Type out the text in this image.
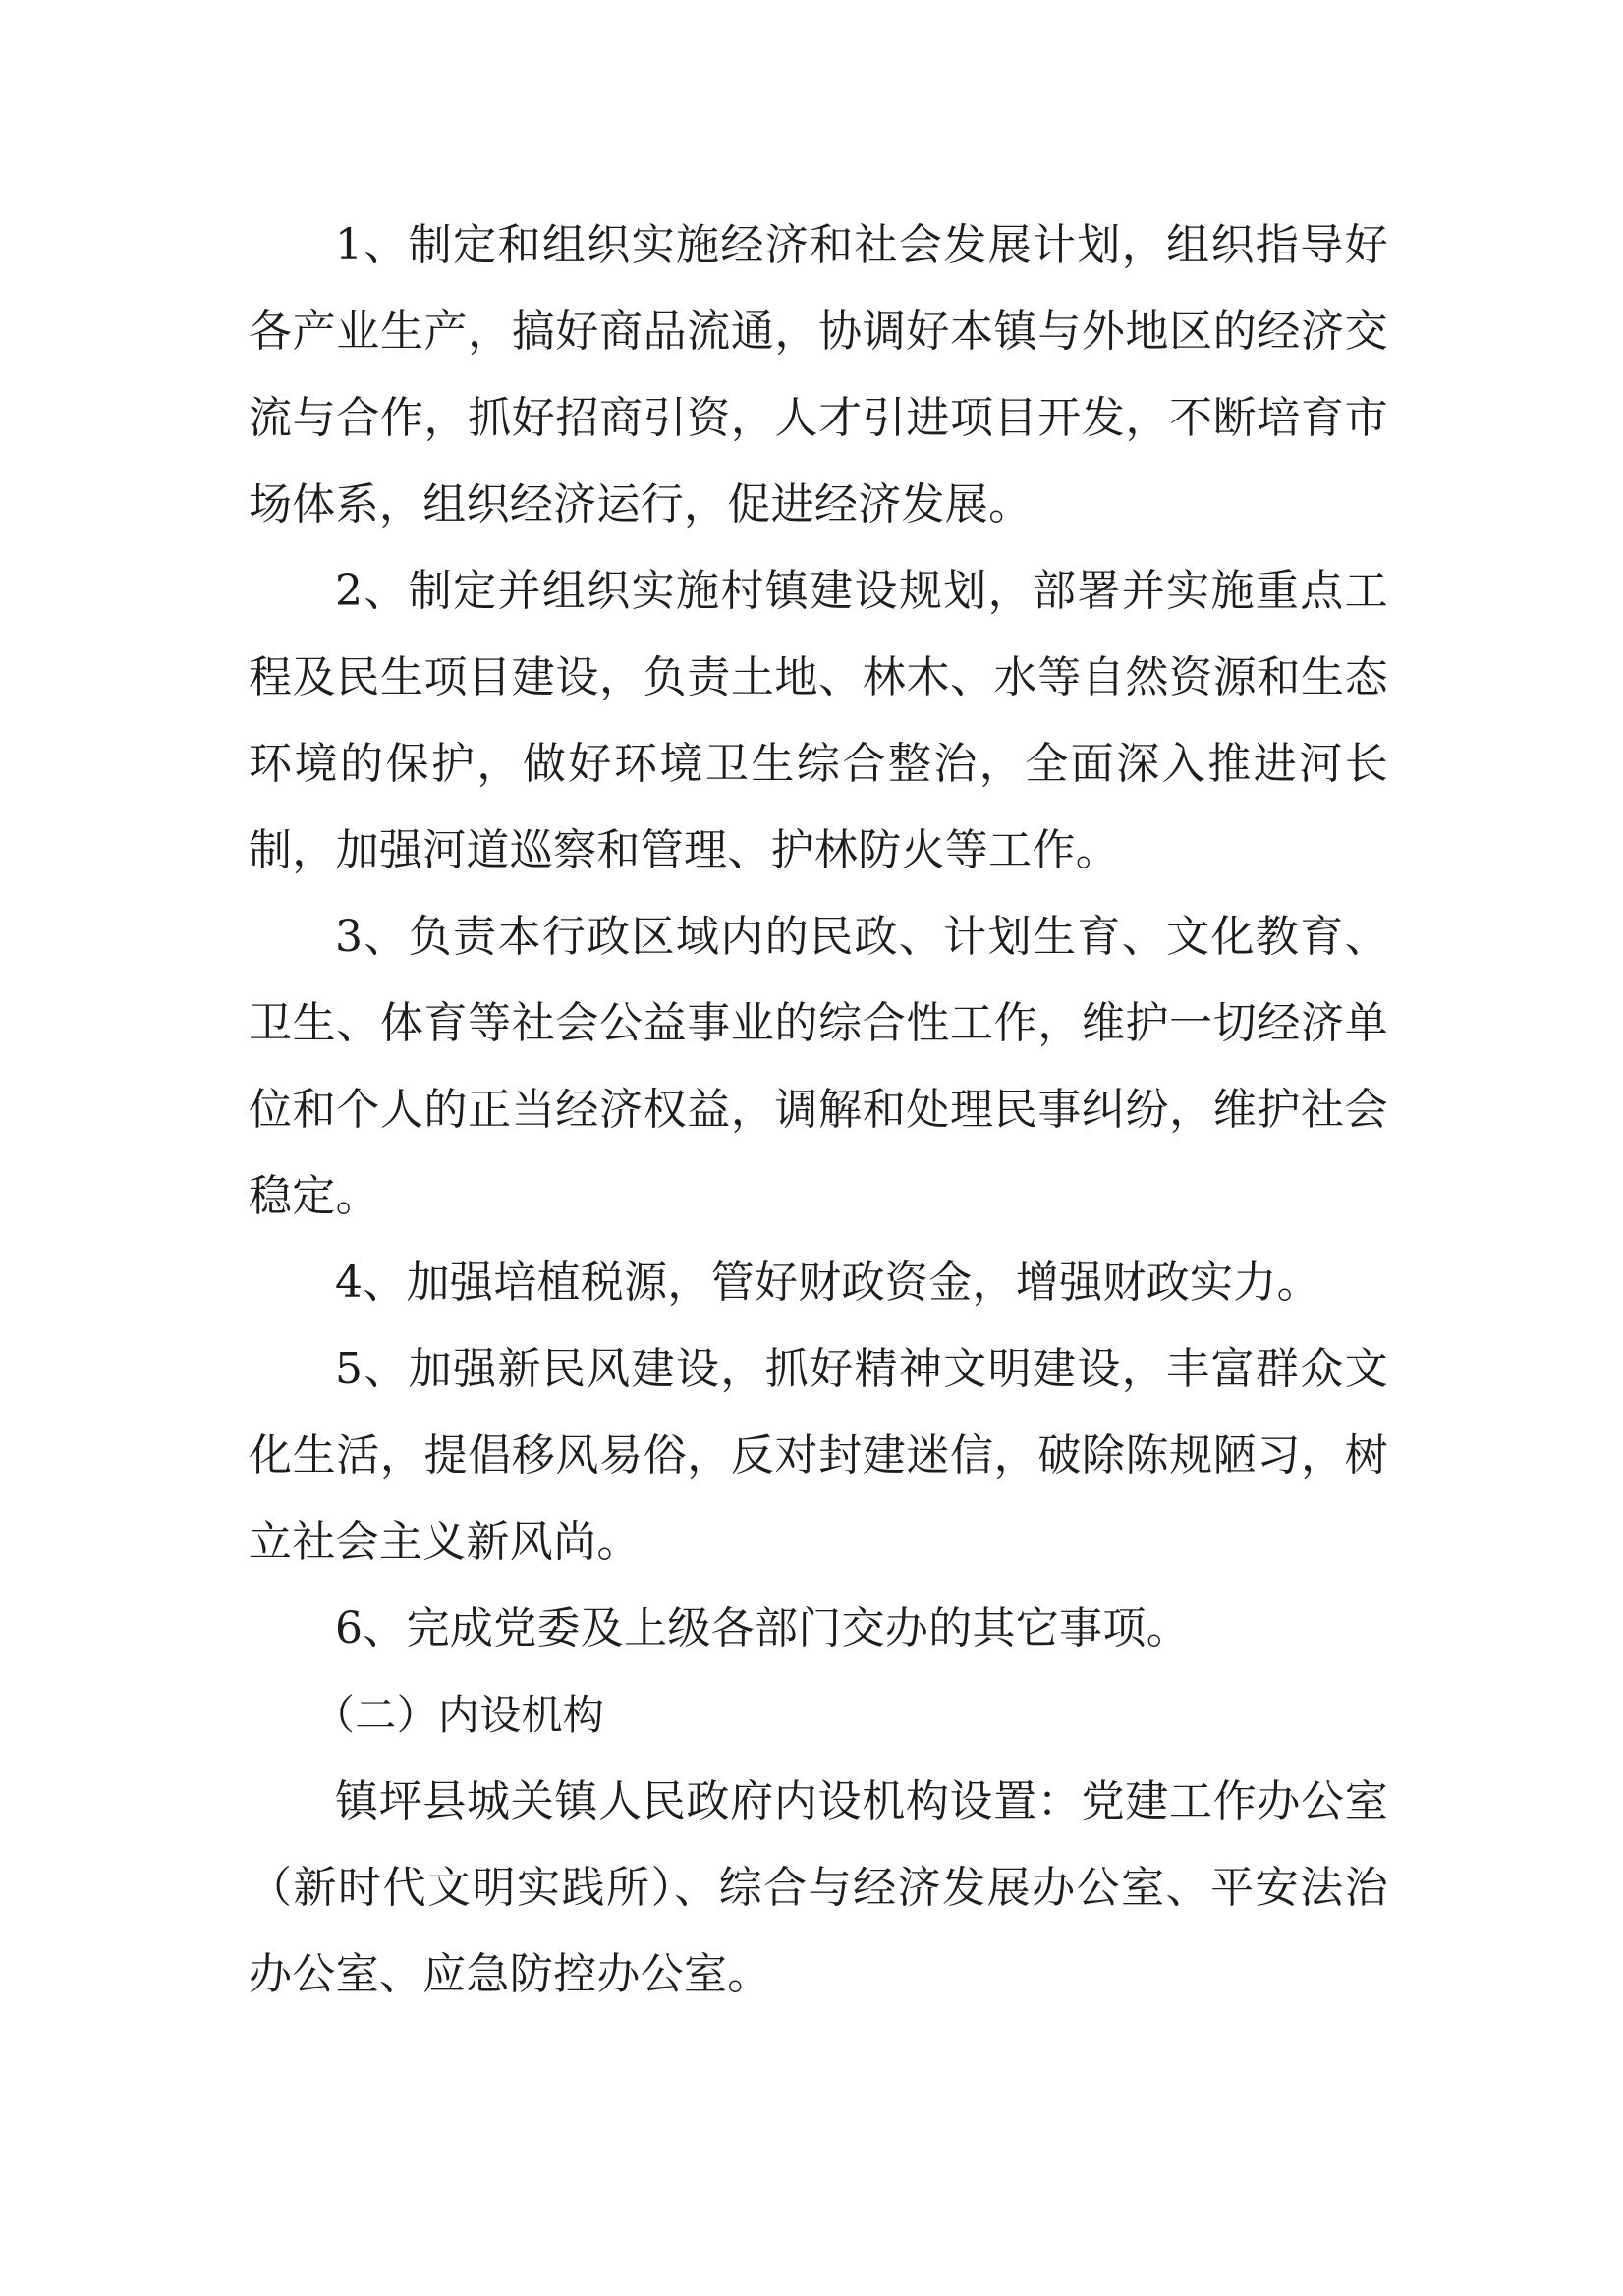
1、制定和组织实施经济和社会发展计划，组织指导好各产业生产，搞好商品流通，协调好本镇与外地区的经济交流与合作，抓好招商引资，人才引进项目开发，不断培育市场体系，组织经济运行，促进经济发展。

2、制定并组织实施村镇建设规划，部署并实施重点工程及民生项目建设，负责土地、林木、水等自然资源和生态环境的保护，做好环境卫生综合整治，全面深入推进河长制，加强河道巡察和管理、护林防火等工作。

3、负责本行政区域内的民政、计划生育、文化教育、卫生、体育等社会公益事业的综合性工作，维护一切经济单位和个人的正当经济权益，调解和处理民事纠纷，维护社会稳定。

4、加强培植税源，管好财政资金，增强财政实力。

5、加强新民风建设，抓好精神文明建设，丰富群众文化生活，提倡移风易俗，反对封建迷信，破除陈规陋习，树立社会主义新风尚。

6、完成党委及上级各部门交办的其它事项。

（二）内设机构

镇坪县城关镇人民政府内设机构设置：党建工作办公室（新时代文明实践所）、综合与经济发展办公室、平安法治办公室、应急防控办公室。
